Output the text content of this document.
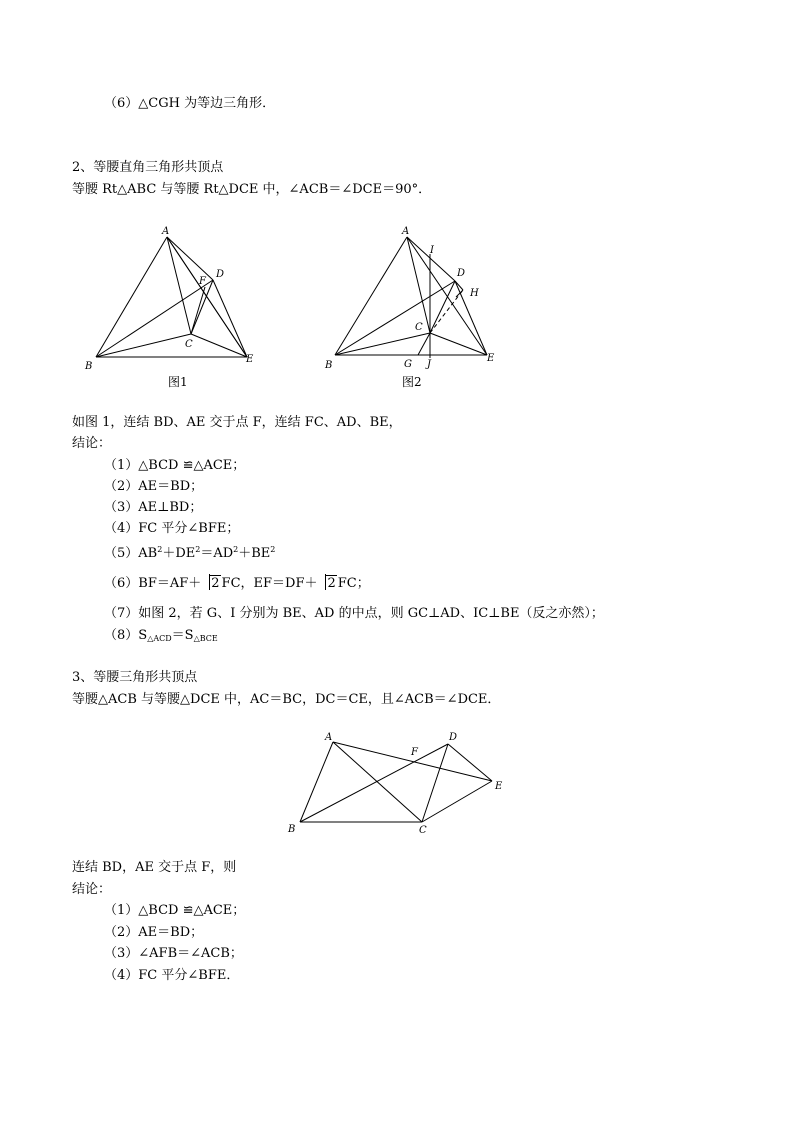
（6）△CGH 为等边三角形．
2、等腰直角三角形共顶点
等腰 Rt△ABC 与等腰 Rt△DCE 中，∠ACB＝∠DCE＝90°．
A
B
C
D
E
F
图1
A
B
C
D
E
G
H
I
J
图2
如图 1，连结 BD、AE 交于点 F，连结 FC、AD、BE，
结论：
（1）△BCD ≌△ACE；
（2）AE＝BD；
（3）AE⊥BD；
（4）FC 平分∠BFE；
$(5)AB^2+DE^2=AD^2+BE^2$
（6）BF＝AF＋ 2 FC，EF＝DF＋ 2 FC；
（7）如图 2，若 G、I 分别为 BE、AD 的中点，则 GC⊥AD、IC⊥BE（反之亦然）；
$(8)S_{\triangle ACD}=S_{\triangle BCE}$
3、等腰三角形共顶点
等腰△ACB 与等腰△DCE 中，AC＝BC，DC＝CE，且∠ACB＝∠DCE．
A
B	C
D
E
F
连结 BD，AE 交于点 F，则
结论：
（1）△BCD ≌△ACE；
（2）AE＝BD；
（3）∠AFB＝∠ACB；
（4）FC 平分∠BFE．
